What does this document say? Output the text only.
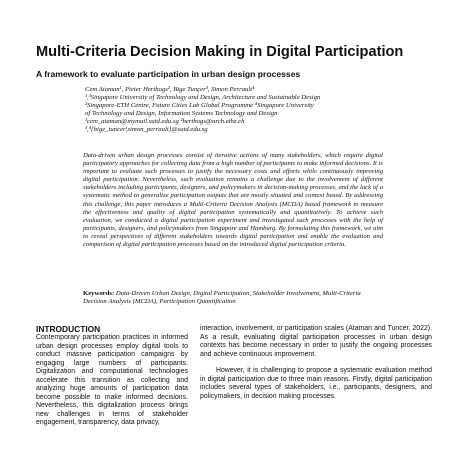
Multi-Criteria Decision Making in Digital Participation
A framework to evaluate participation in urban design processes
Cem Ataman¹, Pieter Herthogs², Bige Tunçer³, Simon Perrault⁴
¹,³Singapore University of Technology and Design, Architecture and Sustainable Design
²Singapore-ETH Centre, Future Cities Lab Global Programme ⁴Singapore University
of Technology and Design, Information Systems Technology and Design
¹cem_ataman@mymail.sutd.edu.sg ²herthogs@arch.ethz.ch
³,⁴{bige_tuncer|simon_perrault}@sutd.edu.sg
Data-driven urban design processes consist of iterative actions of many stakeholders, which require digital participatory approaches for collecting data from a high number of participants to make informed decisions. It is important to evaluate such processes to justify the necessary costs and efforts while continuously improving digital participation. Nevertheless, such evaluation remains a challenge due to the involvement of different stakeholders including participants, designers, and policymakers in decision-making processes, and the lack of a systematic method to generalize participation outputs that are mostly situated and context based. By addressing this challenge, this paper introduces a Multi-Criteria Decision Analysis (MCDA) based framework to measure the effectiveness and quality of digital participation systematically and quantitatively. To achieve such evaluation, we conducted a digital participation experiment and investigated such processes with the help of participants, designers, and policymakers from Singapore and Hamburg. By formulating this framework, we aim to reveal perspectives of different stakeholders towards digital participation and enable the evaluation and comparison of digital participation processes based on the introduced digital participation criteria.
Keywords: Data-Driven Urban Design, Digital Participation, Stakeholder Involvement, Multi-Criteria Decision Analysis (MCDA), Participation Quantification
INTRODUCTION

Contemporary participation practices in informed urban design processes employ digital tools to conduct massive participation campaigns by engaging large numbers of participants. Digitalization and computational technologies accelerate this transition as collecting and analyzing huge amounts of participation data become possible to make informed decisions. Nevertheless, this digitalization process brings new challenges in terms of stakeholder engagement, transparency, data privacy,

interaction, involvement, or participation scales (Ataman and Tuncer, 2022). As a result, evaluating digital participation processes in urban design contexts has become necessary in order to justify the ongoing processes and achieve continuous improvement.

However, it is challenging to propose a systematic evaluation method in digital participation due to three main reasons. Firstly, digital participation includes several types of stakeholders, i.e., participants, designers, and policymakers, in decision making processes.
